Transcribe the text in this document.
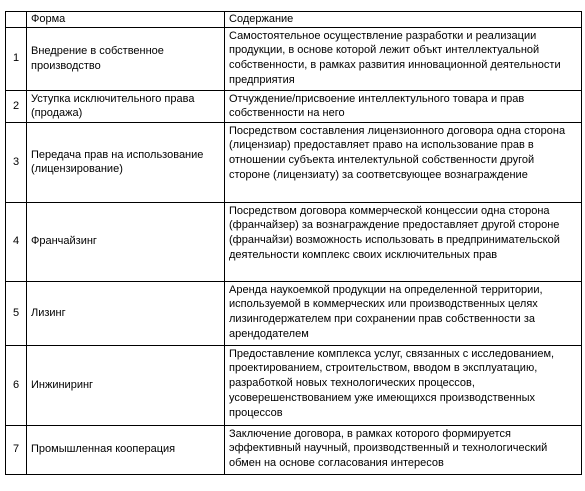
	Форма	Содержание
1	Внедрение в собственное производство	Самостоятельное осуществление разработки и реализации продукции, в основе которой лежит объкт интеллектуальной собственности, в рамках развития инновационной деятельности предприятия
2	Уступка исключительного права (продажа)	Отчуждение/присвоение интеллектульного товара и прав собственности на него
3	Передача прав на использование (лицензирование)	Посредством составления лицензионного договора одна сторона (лицензиар) предоставляет право на использование прав в отношении субъекта интелектульной собственности другой стороне (лицензиату) за соответсвующее вознаграждение
4	Франчайзинг	Посредством договора коммерческой концессии одна сторона (франчайзер) за вознаграждение предоставляет другой стороне (франчайзи) возможность использовать в предпринимательской деятельности комплекс своих исключительных прав
5	Лизинг	Аренда наукоемкой продукции на определенной территории, используемой в коммерческих или производственных целях лизингодержателем при сохранении прав собственности за арендодателем
6	Инжиниринг	Предоставление комплекса услуг, связанных с исследованием, проектированием, строительством, вводом в эксплуатацию, разработкой новых технологических процессов, усоверешенствованием уже имеющихся производственных процессов
7	Промышленная кооперация	Заключение договора, в рамках которого формируется эффективный научный, производственный и технологический обмен на основе согласования интересов
